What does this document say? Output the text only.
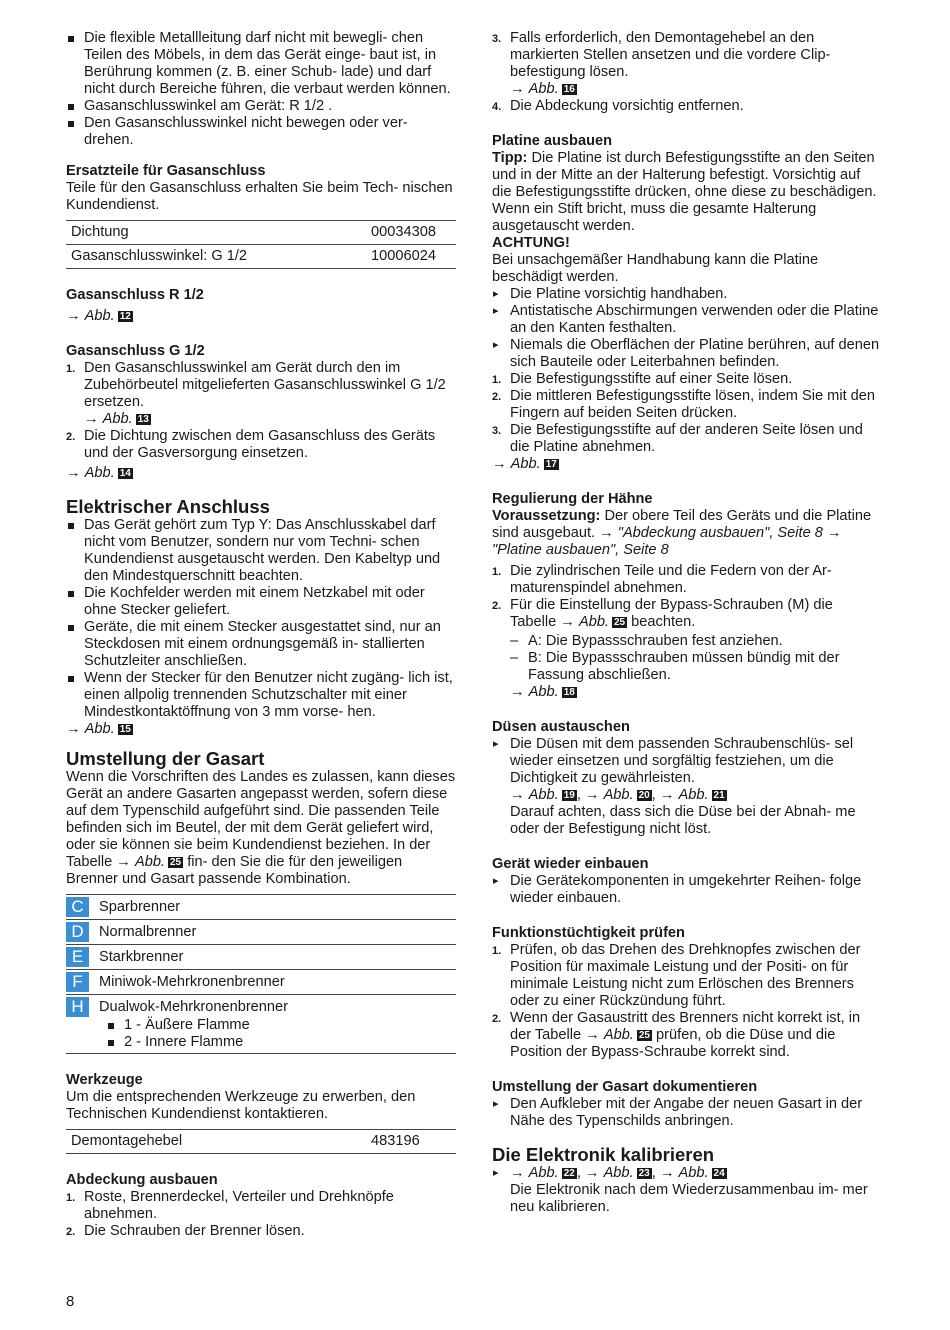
Die flexible Metallleitung darf nicht mit bewegli- chen Teilen des Möbels, in dem das Gerät einge- baut ist, in Berührung kommen (z. B. einer Schub- lade) und darf nicht durch Bereiche führen, die verbaut werden können.
Gasanschlusswinkel am Gerät: R 1/2 .
Den Gasanschlusswinkel nicht bewegen oder ver- drehen.
Ersatzteile für Gasanschluss

Teile für den Gasanschluss erhalten Sie beim Tech- nischen Kundendienst.

Dichtung	00034308
Gasanschlusswinkel: G 1/2	10006024
Gasanschluss R 1/2

→ Abb. 12

Gasanschluss G 1/2
1. Den Gasanschlusswinkel am Gerät durch den im Zubehörbeutel mitgelieferten Gasanschlusswinkel G 1/2 ersetzen.
→ Abb. 13
2. Die Dichtung zwischen dem Gasanschluss des Geräts und der Gasversorgung einsetzen.

→ Abb. 14

Elektrischer Anschluss
Das Gerät gehört zum Typ Y: Das Anschlusskabel darf nicht vom Benutzer, sondern nur vom Techni- schen Kundendienst ausgetauscht werden. Den Kabeltyp und den Mindestquerschnitt beachten.
Die Kochfelder werden mit einem Netzkabel mit oder ohne Stecker geliefert.
Geräte, die mit einem Stecker ausgestattet sind, nur an Steckdosen mit einem ordnungsgemäß in- stallierten Schutzleiter anschließen.
Wenn der Stecker für den Benutzer nicht zugäng- lich ist, einen allpolig trennenden Schutzschalter mit einer Mindestkontaktöffnung von 3 mm vorse- hen.

→ Abb. 15

Umstellung der Gasart

Wenn die Vorschriften des Landes es zulassen, kann dieses Gerät an andere Gasarten angepasst werden, sofern diese auf dem Typenschild aufgeführt sind. Die passenden Teile befinden sich im Beutel, der mit dem Gerät geliefert wird, oder sie können sie beim Kundendienst beziehen. In der Tabelle → Abb. 25 fin- den Sie die für den jeweiligen Brenner und Gasart passende Kombination.

C Sparbrenner
D Normalbrenner
E Starkbrenner
F Miniwok-Mehrkronenbrenner
H Dualwok-Mehrkronenbrenner
1 - Äußere Flamme
2 - Innere Flamme
Werkzeuge

Um die entsprechenden Werkzeuge zu erwerben, den Technischen Kundendienst kontaktieren.

Demontagehebel	483196
Abdeckung ausbauen
1. Roste, Brennerdeckel, Verteiler und Drehknöpfe abnehmen.
2. Die Schrauben der Brenner lösen.
3. Falls erforderlich, den Demontagehebel an den markierten Stellen ansetzen und die vordere Clip- befestigung lösen.
→ Abb. 16
4. Die Abdeckung vorsichtig entfernen.
Platine ausbauen

Tipp: Die Platine ist durch Befestigungsstifte an den Seiten und in der Mitte an der Halterung befestigt. Vorsichtig auf die Befestigungsstifte drücken, ohne diese zu beschädigen. Wenn ein Stift bricht, muss die gesamte Halterung ausgetauscht werden.

ACHTUNG!

Bei unsachgemäßer Handhabung kann die Platine beschädigt werden.

▸ Die Platine vorsichtig handhaben.
▸ Antistatische Abschirmungen verwenden oder die Platine an den Kanten festhalten.
▸ Niemals die Oberflächen der Platine berühren, auf denen sich Bauteile oder Leiterbahnen befinden.
1. Die Befestigungsstifte auf einer Seite lösen.
2. Die mittleren Befestigungsstifte lösen, indem Sie mit den Fingern auf beiden Seiten drücken.
3. Die Befestigungsstifte auf der anderen Seite lösen und die Platine abnehmen.

→ Abb. 17

Regulierung der Hähne

Voraussetzung: Der obere Teil des Geräts und die Platine sind ausgebaut. → "Abdeckung ausbauen", Seite 8 → "Platine ausbauen", Seite 8

1. Die zylindrischen Teile und die Federn von der Ar- maturenspindel abnehmen.
2. Für die Einstellung der Bypass-Schrauben (M) die Tabelle → Abb. 25 beachten.
– A: Die Bypassschrauben fest anziehen.
– B: Die Bypassschrauben müssen bündig mit der Fassung abschließen.
→ Abb. 18
Düsen austauschen
▸ Die Düsen mit dem passenden Schraubenschlüs- sel wieder einsetzen und sorgfältig festziehen, um die Dichtigkeit zu gewährleisten.
→ Abb. 19 , → Abb. 20 , → Abb. 21
Darauf achten, dass sich die Düse bei der Abnah- me oder der Befestigung nicht löst.
Gerät wieder einbauen
▸ Die Gerätekomponenten in umgekehrter Reihen- folge wieder einbauen.
Funktionstüchtigkeit prüfen
1. Prüfen, ob das Drehen des Drehknopfes zwischen der Position für maximale Leistung und der Positi- on für minimale Leistung nicht zum Erlöschen des Brenners oder zu einer Rückzündung führt.
2. Wenn der Gasaustritt des Brenners nicht korrekt ist, in der Tabelle → Abb. 25 prüfen, ob die Düse und die Position der Bypass-Schraube korrekt sind.
Umstellung der Gasart dokumentieren
▸ Den Aufkleber mit der Angabe der neuen Gasart in der Nähe des Typenschilds anbringen.
Die Elektronik kalibrieren
▸ → Abb. 22 , → Abb. 23 , → Abb. 24
Die Elektronik nach dem Wiederzusammenbau im- mer neu kalibrieren.
8
